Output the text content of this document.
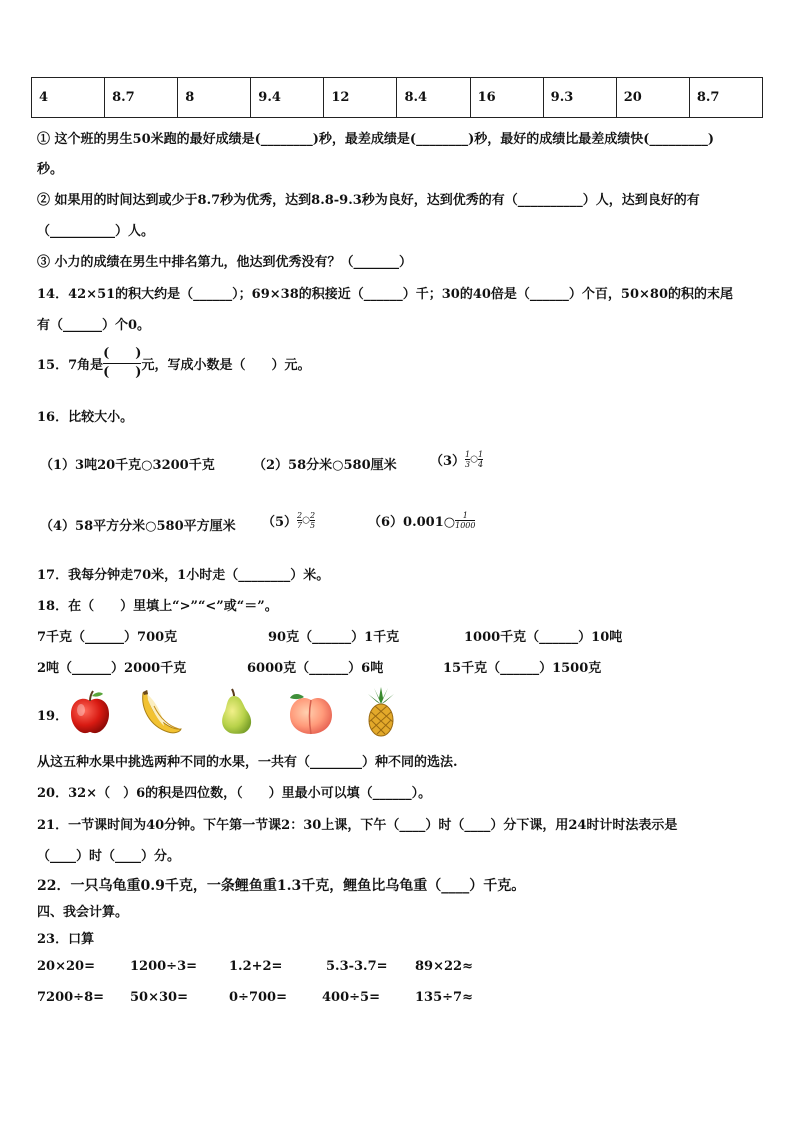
4	8.7	8	9.4	12	8.4	16	9.3	20	8.7
① 这个班的男生50米跑的最好成绩是(________)秒，最差成绩是(________)秒，最好的成绩比最差成绩快(_________)
秒。
② 如果用的时间达到或少于8.7秒为优秀，达到8.8-9.3秒为良好，达到优秀的有（__________）人，达到良好的有
（__________）人。
③ 小力的成绩在男生中排名第九，他达到优秀没有？（_______）
14．42×51的积大约是（______）；69×38的积接近（______）千；30的40倍是（______）个百，50×80的积的末尾
有（______）个0。
15．7角是 $\frac{( )}{( )}$ 元，写成小数是（　　）元。
16．比较大小。
（1）3吨20千克○3200千克	（2）58分米○580厘米	$(3)\frac{1}{3}○\frac{1}{4}$
（4）58平方分米○580平方厘米 $(5)\frac{2}{7}○\frac{2}{5}$	$(6)0.001○\frac{1}{1000}$
17．我每分钟走70米，1小时走（________）米。
18．在（　　）里填上“>”“<”或“＝”。
7千克（______）700克	90克（______）1千克	1000千克（______）10吨
2吨（______）2000千克	6000克（______）6吨	15千克（______）1500克
19．
从这五种水果中挑选两种不同的水果，一共有（________）种不同的选法.
20．32×（　）6的积是四位数，（　　）里最小可以填（______）。
21．一节课时间为40分钟。下午第一节课2：30上课，下午（____）时（____）分下课，用24时计时法表示是
（____）时（____）分。
22．一只乌龟重0.9千克，一条鲤鱼重1.3千克，鲤鱼比乌龟重（____）千克。
四、我会计算。
23．口算
20×20=	1200÷3= 1.2+2=	5.3-3.7= 89×22≈
7200÷8= 50×30=	0÷700=	400÷5=	135÷7≈
